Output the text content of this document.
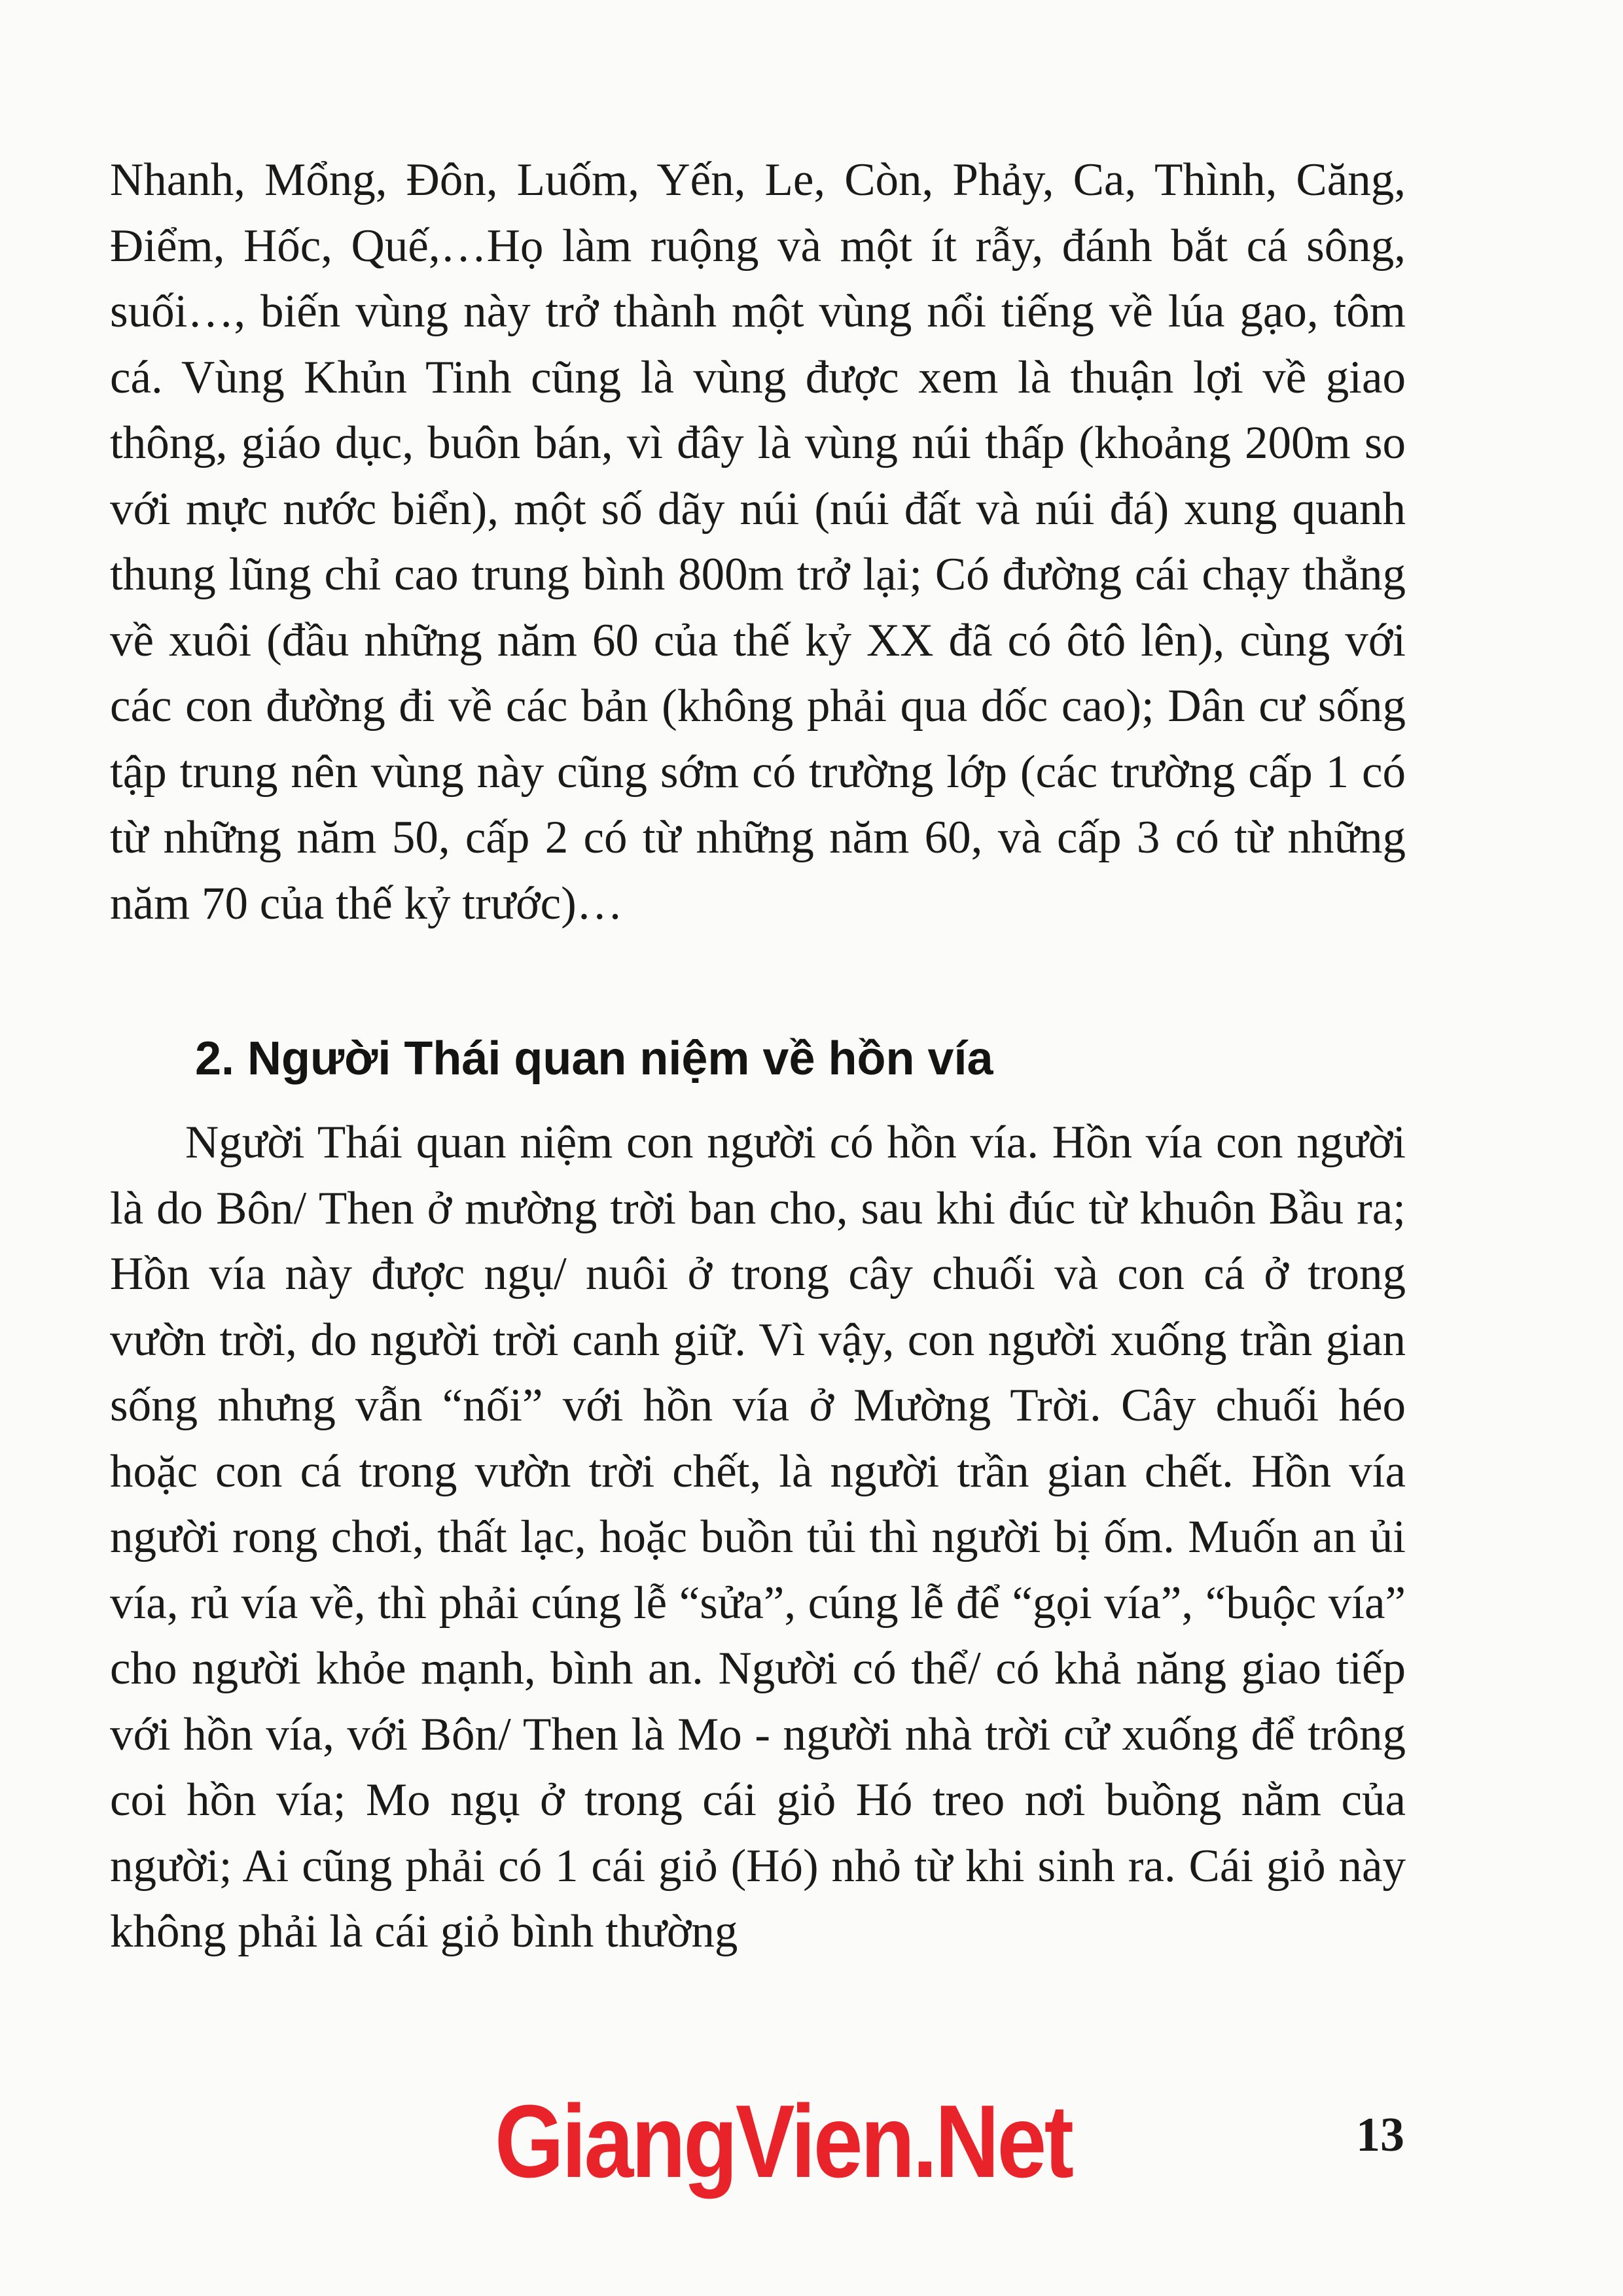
Nhanh, Mổng, Đôn, Luốm, Yến, Le, Còn, Phảy, Ca, Thình, Căng, Điểm, Hốc, Quế,…Họ làm ruộng và một ít rẫy, đánh bắt cá sông, suối…, biến vùng này trở thành một vùng nổi tiếng về lúa gạo, tôm cá. Vùng Khủn Tinh cũng là vùng được xem là thuận lợi về giao thông, giáo dục, buôn bán, vì đây là vùng núi thấp (khoảng 200m so với mực nước biển), một số dãy núi (núi đất và núi đá) xung quanh thung lũng chỉ cao trung bình 800m trở lại; Có đường cái chạy thẳng về xuôi (đầu những năm 60 của thế kỷ XX đã có ôtô lên), cùng với các con đường đi về các bản (không phải qua dốc cao); Dân cư sống tập trung nên vùng này cũng sớm có trường lớp (các trường cấp 1 có từ những năm 50, cấp 2 có từ những năm 60, và cấp 3 có từ những năm 70 của thế kỷ trước)…

2. Người Thái quan niệm về hồn vía

Người Thái quan niệm con người có hồn vía. Hồn vía con người là do Bôn/ Then ở mường trời ban cho, sau khi đúc từ khuôn Bầu ra; Hồn vía này được ngụ/ nuôi ở trong cây chuối và con cá ở trong vườn trời, do người trời canh giữ. Vì vậy, con người xuống trần gian sống nhưng vẫn “nối” với hồn vía ở Mường Trời. Cây chuối héo hoặc con cá trong vườn trời chết, là người trần gian chết. Hồn vía người rong chơi, thất lạc, hoặc buồn tủi thì người bị ốm. Muốn an ủi vía, rủ vía về, thì phải cúng lễ “sửa”, cúng lễ để “gọi vía”, “buộc vía” cho người khỏe mạnh, bình an. Người có thể/ có khả năng giao tiếp với hồn vía, với Bôn/ Then là Mo - người nhà trời cử xuống để trông coi hồn vía; Mo ngụ ở trong cái giỏ Hó treo nơi buồng nằm của người; Ai cũng phải có 1 cái giỏ (Hó) nhỏ từ khi sinh ra. Cái giỏ này không phải là cái giỏ bình thường

GiangVien.Net	13
